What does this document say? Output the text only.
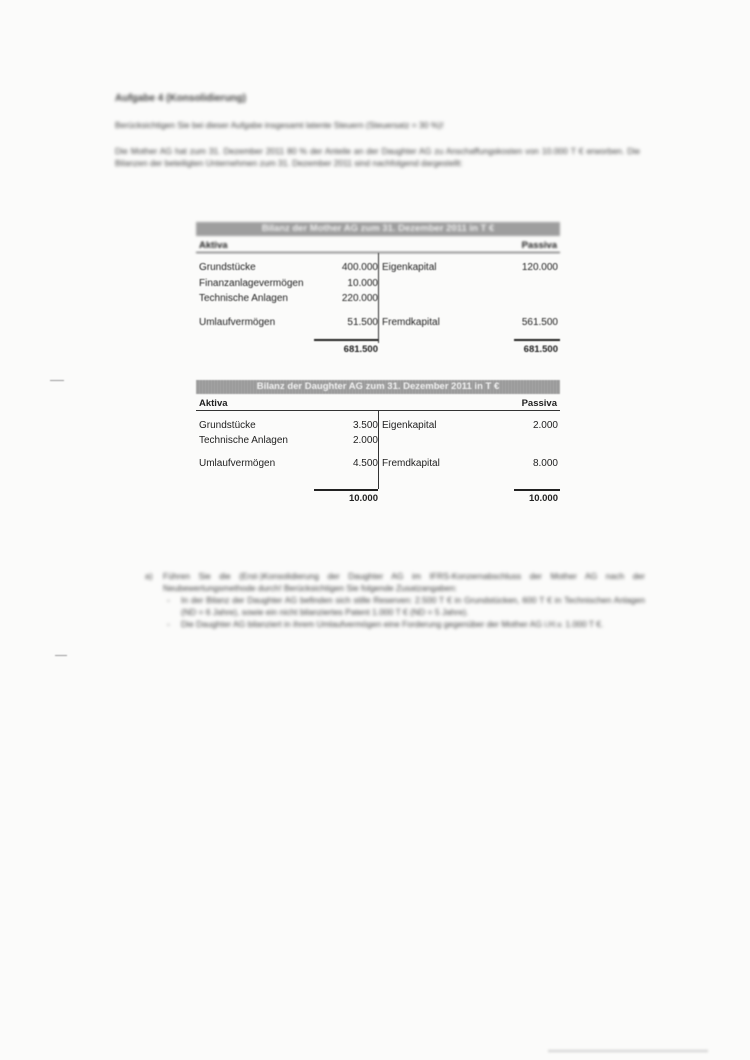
Aufgabe 4 (Konsolidierung)
Berücksichtigen Sie bei dieser Aufgabe insgesamt latente Steuern (Steuersatz = 30 %)!
Die Mother AG hat zum 31. Dezember 2011 80 % der Anteile an der Daughter AG zu Anschaffungskosten von 10.000 T € erworben. Die Bilanzen der beteiligten Unternehmen zum 31. Dezember 2011 sind nachfolgend dargestellt:
Bilanz der Mother AG zum 31. Dezember 2011 in T €
Aktiva	Passiva
Grundstücke	400.000 Eigenkapital	120.000
Finanzanlagevermögen	10.000
Technische Anlagen	220.000
Umlaufvermögen	51.500 Fremdkapital	561.500
681.500	681.500
Bilanz der Daughter AG zum 31. Dezember 2011 in T €
Aktiva	Passiva
Grundstücke	3.500 Eigenkapital	2.000
Technische Anlagen	2.000
Umlaufvermögen	4.500 Fremdkapital	8.000
10.000	10.000
a) Führen Sie die (Erst-)Konsolidierung der Daughter AG im IFRS-Konzernabschluss der Mother AG nach der Neubewertungsmethode durch! Berücksichtigen Sie folgende Zusatzangaben:
- In der Bilanz der Daughter AG befinden sich stille Reserven: 2.500 T € in Grundstücken, 600 T € in Technischen Anlagen (ND = 6 Jahre), sowie ein nicht bilanziertes Patent 1.000 T € (ND = 5 Jahre).
- Die Daughter AG bilanziert in ihrem Umlaufvermögen eine Forderung gegenüber der Mother AG i.H.v. 1.000 T €.
